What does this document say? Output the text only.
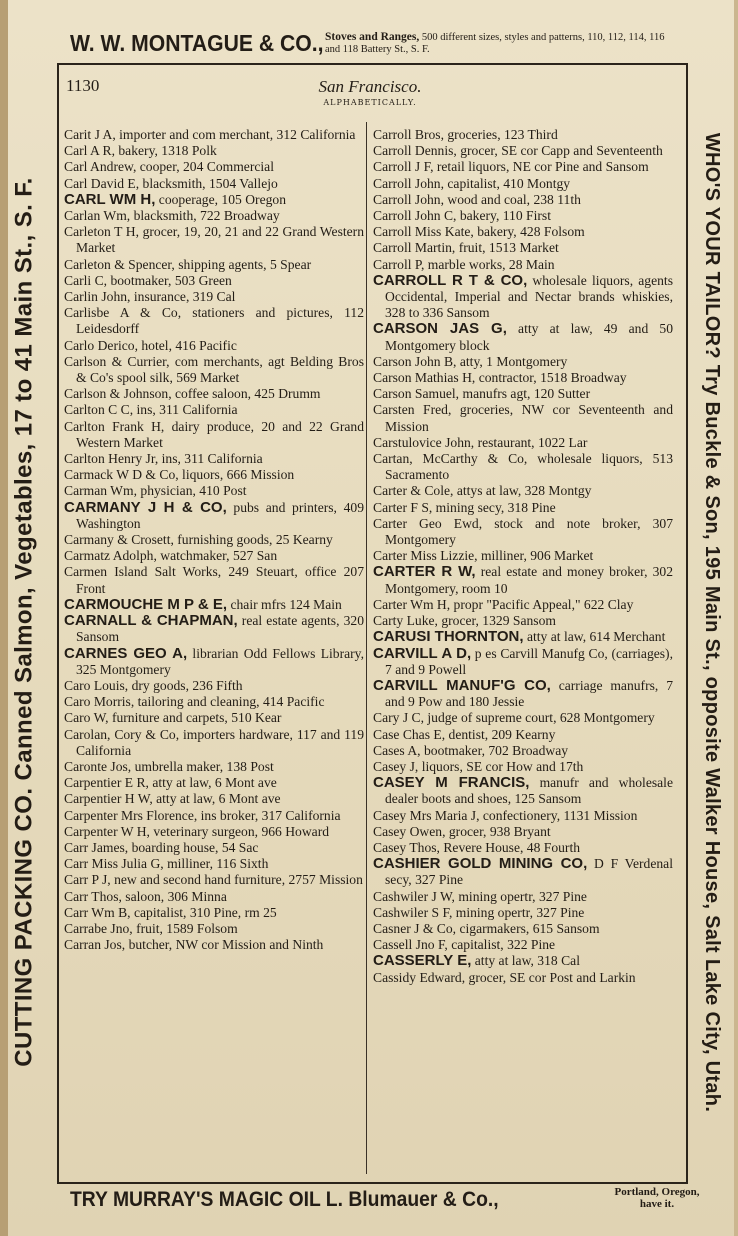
W. W. MONTAGUE & CO., Stoves and Ranges, 500 different sizes, styles and patterns, 110, 112, 114, 116 and 118 Battery St., S. F.
CUTTING PACKING CO. Canned Salmon, Vegetables, 17 to 41 Main St., S. F.	WHO'S YOUR TAILOR? Try Buckle & Son, 195 Main St., opposite Walker House, Salt Lake City, Utah.
1130	San Francisco.
ALPHABETICALLY.
Carit J A, importer and com merchant, 312 California
Carl A R, bakery, 1318 Polk
Carl Andrew, cooper, 204 Commercial
Carl David E, blacksmith, 1504 Vallejo
CARL WM H, cooperage, 105 Oregon
Carlan Wm, blacksmith, 722 Broadway
Carleton T H, grocer, 19, 20, 21 and 22 Grand Western Market
Carleton & Spencer, shipping agents, 5 Spear
Carli C, bootmaker, 503 Green
Carlin John, insurance, 319 Cal
Carlisbe A & Co, stationers and pictures, 112 Leidesdorff
Carlo Derico, hotel, 416 Pacific
Carlson & Currier, com merchants, agt Belding Bros & Co's spool silk, 569 Market
Carlson & Johnson, coffee saloon, 425 Drumm
Carlton C C, ins, 311 California
Carlton Frank H, dairy produce, 20 and 22 Grand Western Market
Carlton Henry Jr, ins, 311 California
Carmack W D & Co, liquors, 666 Mission
Carman Wm, physician, 410 Post
CARMANY J H & CO, pubs and printers, 409 Washington
Carmany & Crosett, furnishing goods, 25 Kearny
Carmatz Adolph, watchmaker, 527 San
Carmen Island Salt Works, 249 Steuart, office 207 Front
CARMOUCHE M P & E, chair mfrs 124 Main
CARNALL & CHAPMAN, real estate agents, 320 Sansom
CARNES GEO A, librarian Odd Fellows Library, 325 Montgomery
Caro Louis, dry goods, 236 Fifth
Caro Morris, tailoring and cleaning, 414 Pacific
Caro W, furniture and carpets, 510 Kear
Carolan, Cory & Co, importers hardware, 117 and 119 California
Caronte Jos, umbrella maker, 138 Post
Carpentier E R, atty at law, 6 Mont ave
Carpentier H W, atty at law, 6 Mont ave
Carpenter Mrs Florence, ins broker, 317 California
Carpenter W H, veterinary surgeon, 966 Howard
Carr James, boarding house, 54 Sac
Carr Miss Julia G, milliner, 116 Sixth
Carr P J, new and second hand furniture, 2757 Mission
Carr Thos, saloon, 306 Minna
Carr Wm B, capitalist, 310 Pine, rm 25
Carrabe Jno, fruit, 1589 Folsom
Carran Jos, butcher, NW cor Mission and Ninth
Carroll Bros, groceries, 123 Third
Carroll Dennis, grocer, SE cor Capp and Seventeenth
Carroll J F, retail liquors, NE cor Pine and Sansom
Carroll John, capitalist, 410 Montgy
Carroll John, wood and coal, 238 11th
Carroll John C, bakery, 110 First
Carroll Miss Kate, bakery, 428 Folsom
Carroll Martin, fruit, 1513 Market
Carroll P, marble works, 28 Main
CARROLL R T & CO, wholesale liquors, agents Occidental, Imperial and Nectar brands whiskies, 328 to 336 Sansom
CARSON JAS G, atty at law, 49 and 50 Montgomery block
Carson John B, atty, 1 Montgomery
Carson Mathias H, contractor, 1518 Broadway
Carson Samuel, manufrs agt, 120 Sutter
Carsten Fred, groceries, NW cor Seventeenth and Mission
Carstulovice John, restaurant, 1022 Lar
Cartan, McCarthy & Co, wholesale liquors, 513 Sacramento
Carter & Cole, attys at law, 328 Montgy
Carter F S, mining secy, 318 Pine
Carter Geo Ewd, stock and note broker, 307 Montgomery
Carter Miss Lizzie, milliner, 906 Market
CARTER R W, real estate and money broker, 302 Montgomery, room 10
Carter Wm H, propr "Pacific Appeal," 622 Clay
Carty Luke, grocer, 1329 Sansom
CARUSI THORNTON, atty at law, 614 Merchant
CARVILL A D, p es Carvill Manufg Co, (carriages), 7 and 9 Powell
CARVILL MANUF'G CO, carriage manufrs, 7 and 9 Pow and 180 Jessie
Cary J C, judge of supreme court, 628 Montgomery
Case Chas E, dentist, 209 Kearny
Cases A, bootmaker, 702 Broadway
Casey J, liquors, SE cor How and 17th
CASEY M FRANCIS, manufr and wholesale dealer boots and shoes, 125 Sansom
Casey Mrs Maria J, confectionery, 1131 Mission
Casey Owen, grocer, 938 Bryant
Casey Thos, Revere House, 48 Fourth
CASHIER GOLD MINING CO, D F Verdenal secy, 327 Pine
Cashwiler J W, mining opertr, 327 Pine
Cashwiler S F, mining opertr, 327 Pine
Casner J & Co, cigarmakers, 615 Sansom
Cassell Jno F, capitalist, 322 Pine
CASSERLY E, atty at law, 318 Cal
Cassidy Edward, grocer, SE cor Post and Larkin
TRY MURRAY'S MAGIC OIL L. Blumauer & Co.,	Portland, Oregon, have it.
